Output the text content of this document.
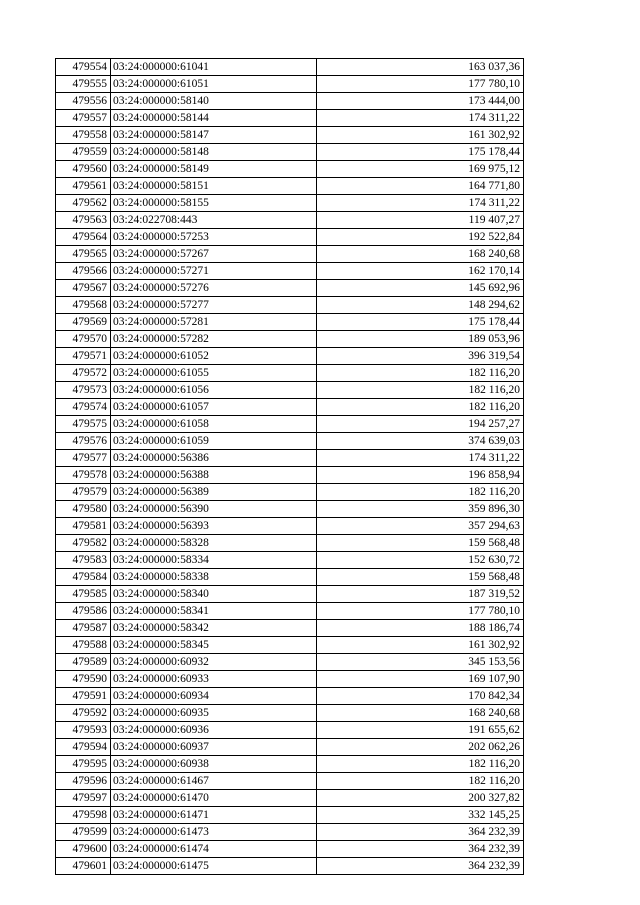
479554	03:24:000000:61041	163 037,36
479555	03:24:000000:61051	177 780,10
479556	03:24:000000:58140	173 444,00
479557	03:24:000000:58144	174 311,22
479558	03:24:000000:58147	161 302,92
479559	03:24:000000:58148	175 178,44
479560	03:24:000000:58149	169 975,12
479561	03:24:000000:58151	164 771,80
479562	03:24:000000:58155	174 311,22
479563	03:24:022708:443	119 407,27
479564	03:24:000000:57253	192 522,84
479565	03:24:000000:57267	168 240,68
479566	03:24:000000:57271	162 170,14
479567	03:24:000000:57276	145 692,96
479568	03:24:000000:57277	148 294,62
479569	03:24:000000:57281	175 178,44
479570	03:24:000000:57282	189 053,96
479571	03:24:000000:61052	396 319,54
479572	03:24:000000:61055	182 116,20
479573	03:24:000000:61056	182 116,20
479574	03:24:000000:61057	182 116,20
479575	03:24:000000:61058	194 257,27
479576	03:24:000000:61059	374 639,03
479577	03:24:000000:56386	174 311,22
479578	03:24:000000:56388	196 858,94
479579	03:24:000000:56389	182 116,20
479580	03:24:000000:56390	359 896,30
479581	03:24:000000:56393	357 294,63
479582	03:24:000000:58328	159 568,48
479583	03:24:000000:58334	152 630,72
479584	03:24:000000:58338	159 568,48
479585	03:24:000000:58340	187 319,52
479586	03:24:000000:58341	177 780,10
479587	03:24:000000:58342	188 186,74
479588	03:24:000000:58345	161 302,92
479589	03:24:000000:60932	345 153,56
479590	03:24:000000:60933	169 107,90
479591	03:24:000000:60934	170 842,34
479592	03:24:000000:60935	168 240,68
479593	03:24:000000:60936	191 655,62
479594	03:24:000000:60937	202 062,26
479595	03:24:000000:60938	182 116,20
479596	03:24:000000:61467	182 116,20
479597	03:24:000000:61470	200 327,82
479598	03:24:000000:61471	332 145,25
479599	03:24:000000:61473	364 232,39
479600	03:24:000000:61474	364 232,39
479601	03:24:000000:61475	364 232,39
